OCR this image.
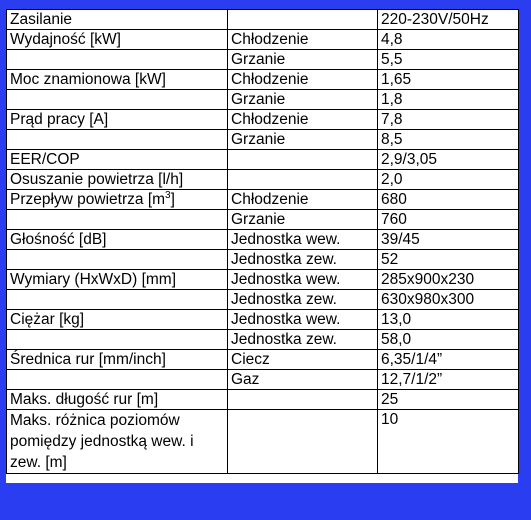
Zasilanie		220-230V/50Hz
Wydajność [kW]	Chłodzenie	4,8
	Grzanie	5,5
Moc znamionowa [kW]	Chłodzenie	1,65
	Grzanie	1,8
Prąd pracy [A]	Chłodzenie	7,8
	Grzanie	8,5
EER/COP		2,9/3,05
Osuszanie powietrza [l/h]		2,0
Przepływ powietrza $[m^3]$	Chłodzenie	680
	Grzanie	760
Głośność [dB]	Jednostka wew.	39/45
	Jednostka zew.	52
Wymiary (HxWxD) [mm]	Jednostka wew.	285x900x230
	Jednostka zew.	630x980x300
Ciężar [kg]	Jednostka wew.	13,0
	Jednostka zew.	58,0
Średnica rur [mm/inch]	Ciecz	6,35/1/4”
	Gaz	12,7/1/2”
Maks. długość rur [m]		25
Maks. różnica poziomów pomiędzy jednostką wew. i zew. [m]		10
